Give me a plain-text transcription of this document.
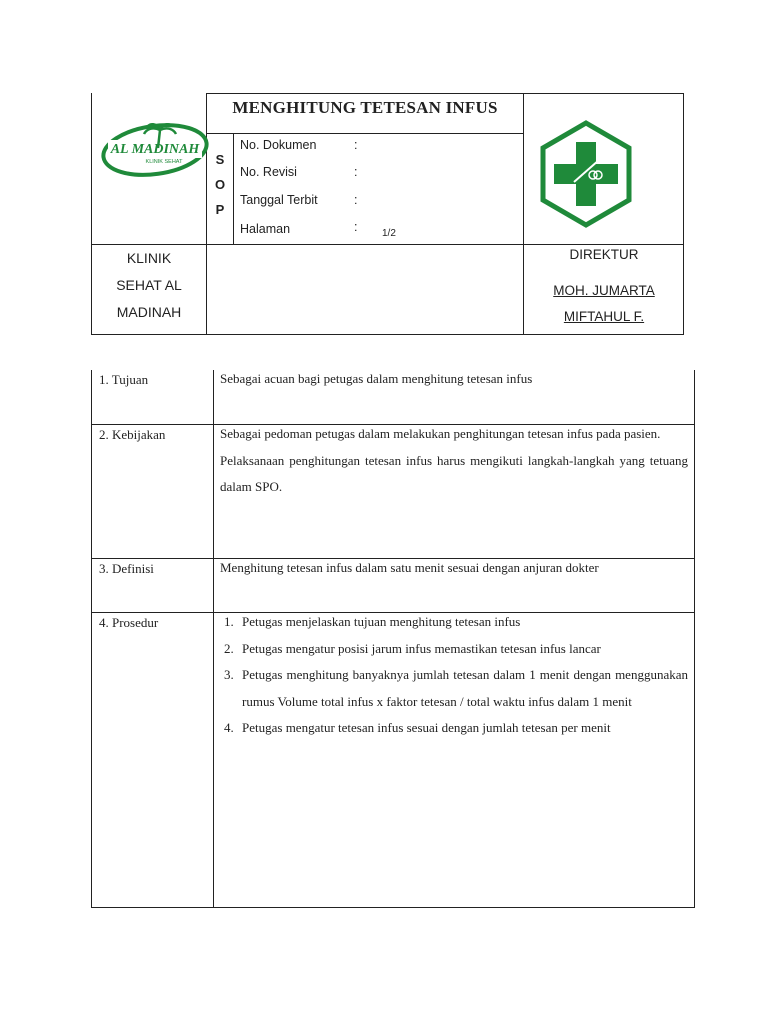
AL MADINAH
KLINIK SEHAT
MENGHITUNG TETESAN INFUS
S
O
P
No. Dokumen	:
No. Revisi	:
Tanggal Terbit	:
Halaman	: 1/2
KLINIK
SEHAT AL
MADINAH
DIREKTUR
MOH. JUMARTA
MIFTAHUL F.
1. Tujuan	Sebagai acuan bagi petugas dalam menghitung tetesan infus
2. Kebijakan	Sebagai pedoman petugas dalam melakukan penghitungan tetesan infus pada pasien.

Pelaksanaan penghitungan tetesan infus harus mengikuti langkah-langkah yang tetuang dalam SPO.

3. Definisi	Menghitung tetesan infus dalam satu menit sesuai dengan anjuran dokter
4. Prosedur	1. Petugas menjelaskan tujuan menghitung tetesan infus
2. Petugas mengatur posisi jarum infus memastikan tetesan infus lancar
3. Petugas menghitung banyaknya jumlah tetesan dalam 1 menit dengan menggunakan rumus Volume total infus x faktor tetesan / total waktu infus dalam 1 menit
4. Petugas mengatur tetesan infus sesuai dengan jumlah tetesan per menit
